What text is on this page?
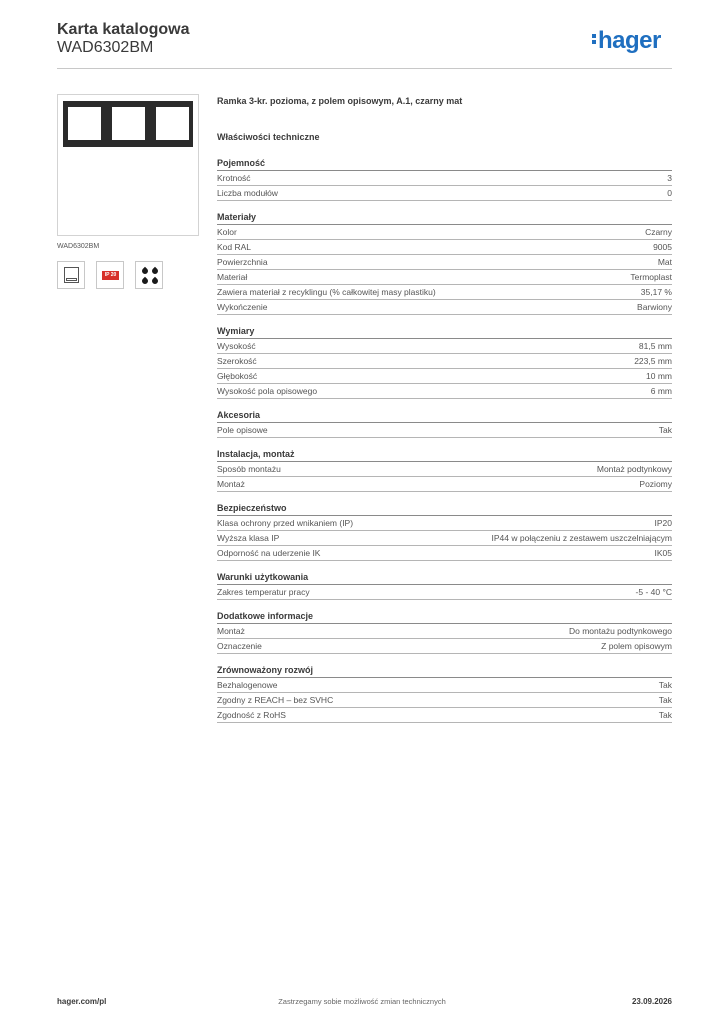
Karta katalogowa
WAD6302BM	hager
WAD6302BM
IP 20
Ramka 3-kr. pozioma, z polem opisowym, A.1, czarny mat
Właściwości techniczne
Pojemność
Krotność	3
Liczba modułów	0
Materiały
Kolor	Czarny
Kod RAL	9005
Powierzchnia	Mat
Materiał	Termoplast
Zawiera materiał z recyklingu (% całkowitej masy plastiku)	35,17 %
Wykończenie	Barwiony
Wymiary
Wysokość	81,5 mm
Szerokość	223,5 mm
Głębokość	10 mm
Wysokość pola opisowego	6 mm
Akcesoria
Pole opisowe	Tak
Instalacja, montaż
Sposób montażu	Montaż podtynkowy
Montaż	Poziomy
Bezpieczeństwo
Klasa ochrony przed wnikaniem (IP)	IP20
Wyższa klasa IP	IP44 w połączeniu z zestawem uszczelniającym
Odporność na uderzenie IK	IK05
Warunki użytkowania
Zakres temperatur pracy	-5 - 40 °C
Dodatkowe informacje
Montaż	Do montażu podtynkowego
Oznaczenie	Z polem opisowym
Zrównoważony rozwój
Bezhalogenowe	Tak
Zgodny z REACH – bez SVHC	Tak
Zgodność z RoHS	Tak
hager.com/pl	Zastrzegamy sobie możliwość zmian technicznych	23.09.2026
